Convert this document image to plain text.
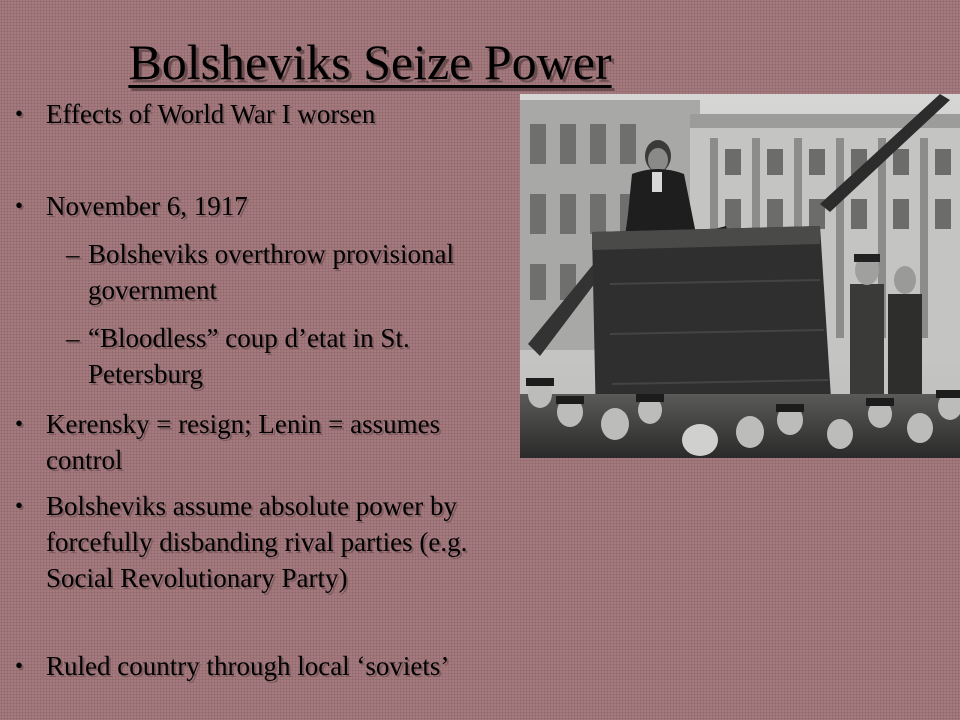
Bolsheviks Seize Power
• Effects of World War I worsen
• November 6, 1917
– Bolsheviks overthrow provisional government
– “Bloodless” coup d’etat in St. Petersburg
• Kerensky = resign; Lenin = assumes control
• Bolsheviks assume absolute power by forcefully disbanding rival parties (e.g. Social Revolutionary Party)
• Ruled country through local ‘soviets’
